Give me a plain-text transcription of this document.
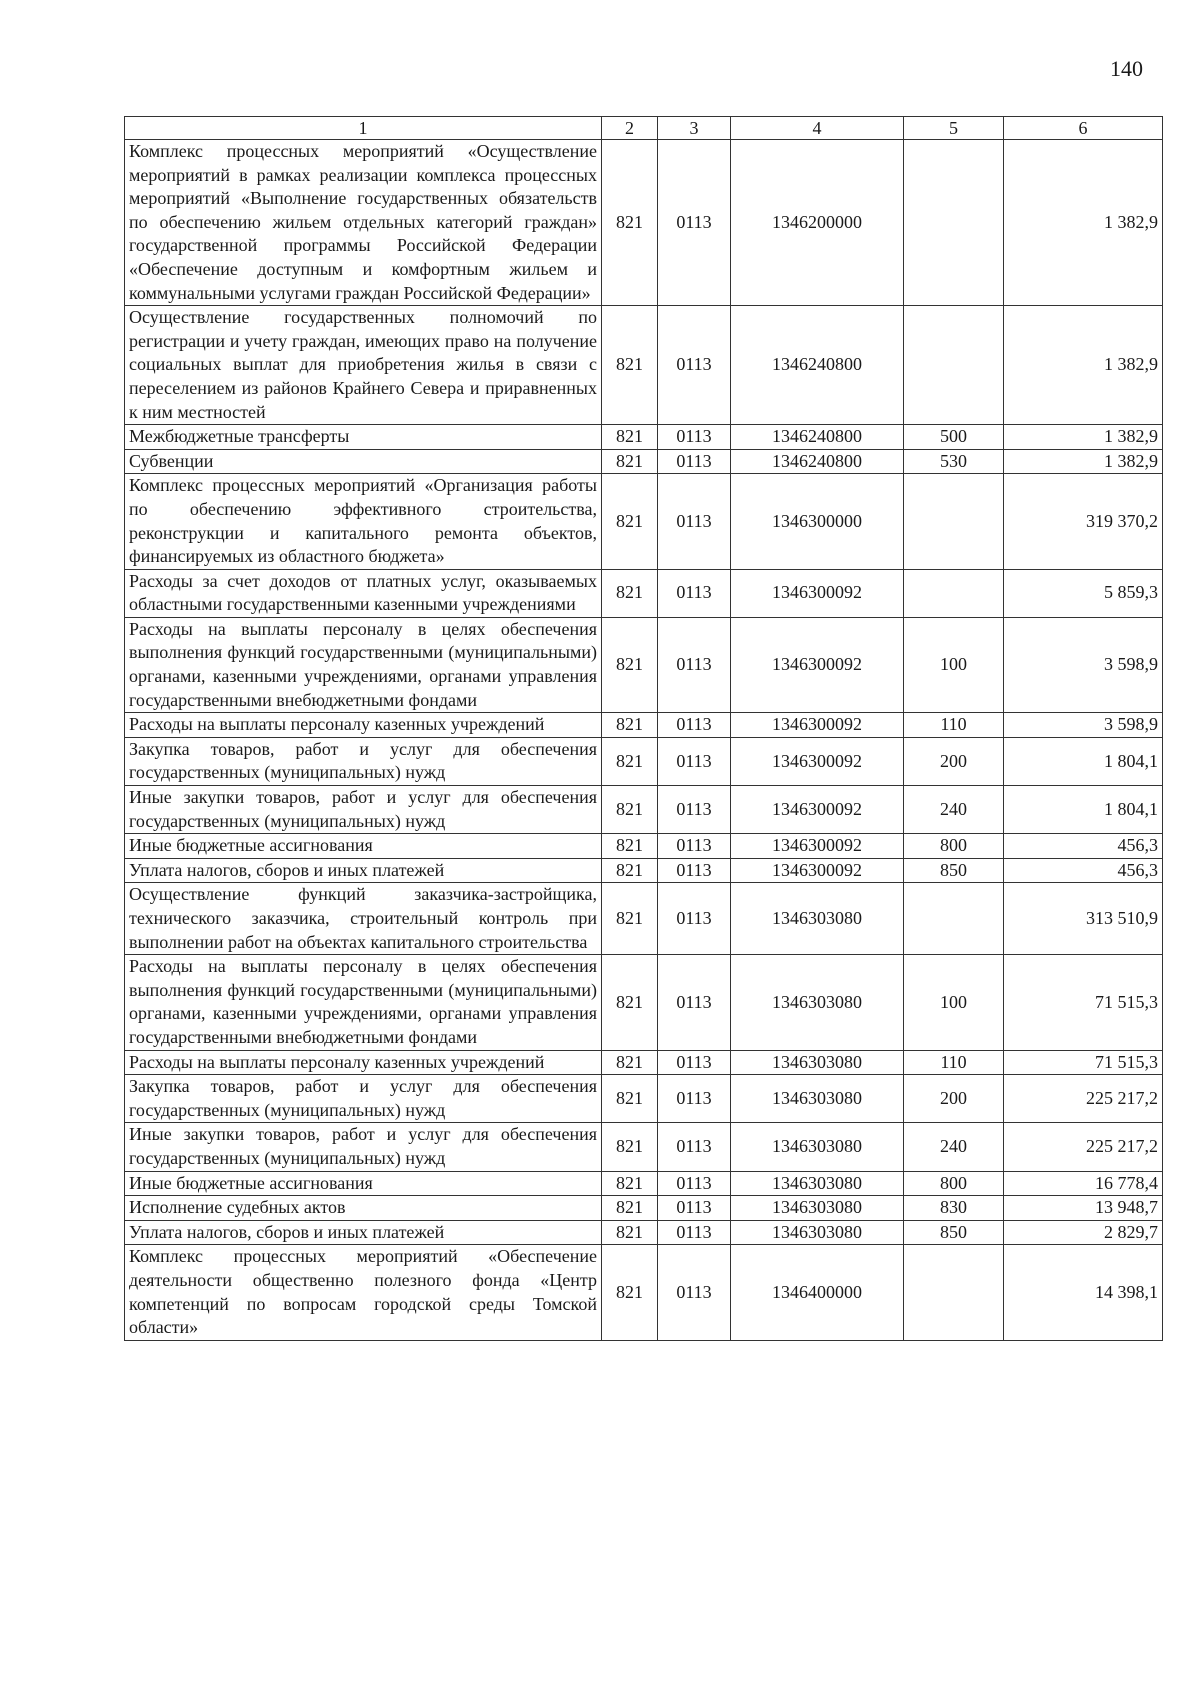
140
1	2	3	4	5	6
Комплекс процессных мероприятий «Осуществление мероприятий в рамках реализации комплекса процессных мероприятий «Выполнение государственных обязательств по обеспечению жильем отдельных категорий граждан» государственной программы Российской Федерации «Обеспечение доступным и комфортным жильем и коммунальными услугами граждан Российской Федерации»	821	0113	1346200000		1 382,9
Осуществление государственных полномочий по регистрации и учету граждан, имеющих право на получение социальных выплат для приобретения жилья в связи с переселением из районов Крайнего Севера и приравненных к ним местностей	821	0113	1346240800		1 382,9
Межбюджетные трансферты	821	0113	1346240800	500	1 382,9
Субвенции	821	0113	1346240800	530	1 382,9
Комплекс процессных мероприятий «Организация работы по обеспечению эффективного строительства, реконструкции и капитального ремонта объектов, финансируемых из областного бюджета»	821	0113	1346300000		319 370,2
Расходы за счет доходов от платных услуг, оказываемых областными государственными казенными учреждениями	821	0113	1346300092		5 859,3
Расходы на выплаты персоналу в целях обеспечения выполнения функций государственными (муниципальными) органами, казенными учреждениями, органами управления государственными внебюджетными фондами	821	0113	1346300092	100	3 598,9
Расходы на выплаты персоналу казенных учреждений	821	0113	1346300092	110	3 598,9
Закупка товаров, работ и услуг для обеспечения государственных (муниципальных) нужд	821	0113	1346300092	200	1 804,1
Иные закупки товаров, работ и услуг для обеспечения государственных (муниципальных) нужд	821	0113	1346300092	240	1 804,1
Иные бюджетные ассигнования	821	0113	1346300092	800	456,3
Уплата налогов, сборов и иных платежей	821	0113	1346300092	850	456,3
Осуществление функций заказчика-застройщика, технического заказчика, строительный контроль при выполнении работ на объектах капитального строительства	821	0113	1346303080		313 510,9
Расходы на выплаты персоналу в целях обеспечения выполнения функций государственными (муниципальными) органами, казенными учреждениями, органами управления государственными внебюджетными фондами	821	0113	1346303080	100	71 515,3
Расходы на выплаты персоналу казенных учреждений	821	0113	1346303080	110	71 515,3
Закупка товаров, работ и услуг для обеспечения государственных (муниципальных) нужд	821	0113	1346303080	200	225 217,2
Иные закупки товаров, работ и услуг для обеспечения государственных (муниципальных) нужд	821	0113	1346303080	240	225 217,2
Иные бюджетные ассигнования	821	0113	1346303080	800	16 778,4
Исполнение судебных актов	821	0113	1346303080	830	13 948,7
Уплата налогов, сборов и иных платежей	821	0113	1346303080	850	2 829,7
Комплекс процессных мероприятий «Обеспечение деятельности общественно полезного фонда «Центр компетенций по вопросам городской среды Томской области»	821	0113	1346400000		14 398,1
